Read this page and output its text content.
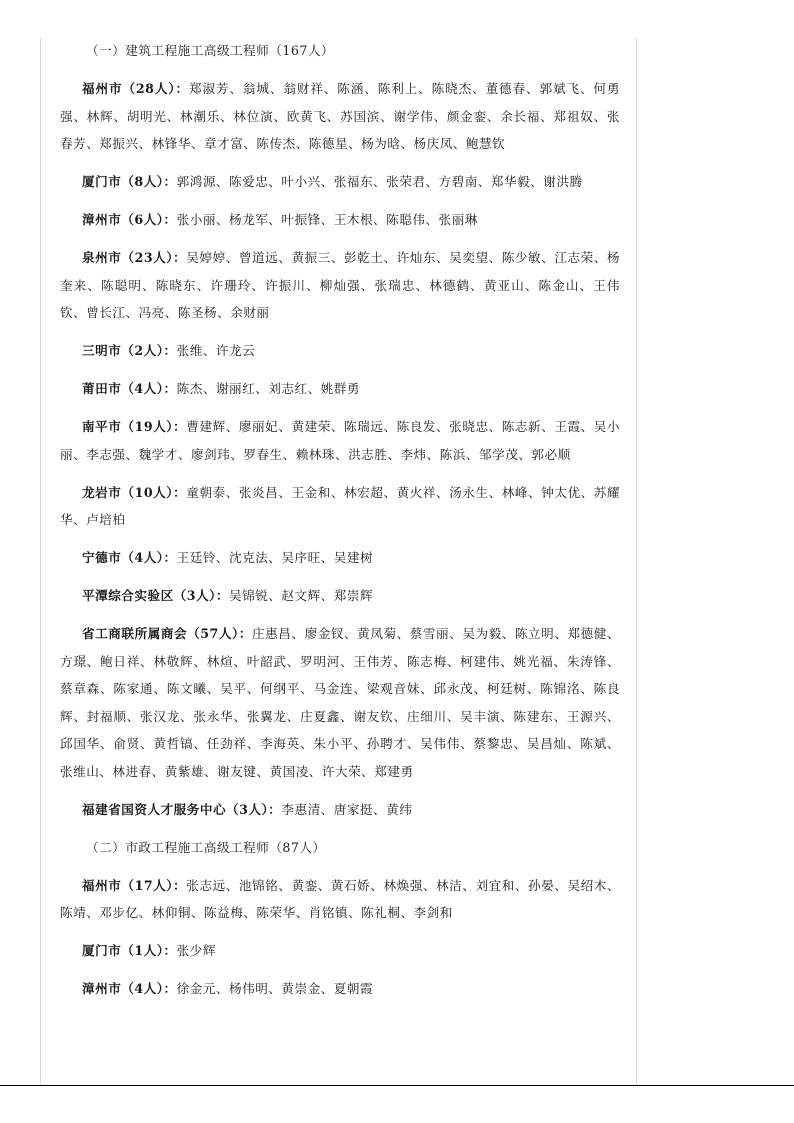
（一）建筑工程施工高级工程师（167人）
福州市（28人）：郑淑芳、翁城、翁财祥、陈涵、陈利上、陈晓杰、董德春、郭斌飞、何勇强、林辉、胡明光、林潮乐、林位演、欧黄飞、苏国滨、谢学伟、颜金銮、余长福、郑祖奴、张春芳、郑振兴、林锋华、章才富、陈传杰、陈德星、杨为晗、杨庆凤、鲍慧钦
厦门市（8人）：郭鸿源、陈爱忠、叶小兴、张福东、张荣君、方碧南、郑华毅、谢洪腾
漳州市（6人）：张小丽、杨龙军、叶振锋、王木根、陈聪伟、张丽琳
泉州市（23人）：吴婷婷、曾道远、黄振三、彭乾土、许灿东、吴奕望、陈少敏、江志荣、杨奎来、陈聪明、陈晓东、许珊玲、许振川、柳灿强、张瑞忠、林德鹤、黄亚山、陈金山、王伟钦、曾长江、冯亮、陈圣杨、余财丽
三明市（2人）：张维、许龙云
莆田市（4人）：陈杰、谢丽红、刘志红、姚群勇
南平市（19人）：曹建辉、廖丽妃、黄建荣、陈瑞远、陈良发、张晓忠、陈志新、王霞、吴小丽、李志强、魏学才、廖剑玮、罗春生、赖林珠、洪志胜、李炜、陈浜、邹学茂、郭必顺
龙岩市（10人）：童朝泰、张炎昌、王金和、林宏超、黄火祥、汤永生、林峰、钟太优、苏耀华、卢培柏
宁德市（4人）：王廷铃、沈克法、吴序旺、吴建树
平潭综合实验区（3人）：吴锦锐、赵文辉、郑崇辉
省工商联所属商会（57人）：庄惠昌、廖金钗、黄凤菊、蔡雪丽、吴为毅、陈立明、郑德健、方璟、鲍日祥、林敬辉、林煊、叶韶武、罗明河、王伟芳、陈志梅、柯建伟、姚光福、朱涛锋、蔡章森、陈家通、陈文曦、吴平、何纲平、马金连、梁观音妹、邱永茂、柯廷树、陈锦洺、陈良辉、封福顺、张汉龙、张永华、张翼龙、庄夏鑫、谢友钦、庄细川、吴丰演、陈建东、王源兴、邱国华、俞贤、黄哲镐、任劲祥、李海英、朱小平、孙聘才、吴伟伟、蔡黎忠、吴昌灿、陈斌、张维山、林进春、黄紫雄、谢友键、黄国凌、许大荣、郑建勇
福建省国资人才服务中心（3人）：李惠清、唐家挺、黄纬
（二）市政工程施工高级工程师（87人）
福州市（17人）：张志远、池锦铭、黄銮、黄石娇、林焕强、林洁、刘宜和、孙晏、吴绍木、陈靖、邓步亿、林仰铜、陈益梅、陈荣华、肖铭镇、陈礼桐、李剑和
厦门市（1人）：张少辉
漳州市（4人）：徐金元、杨伟明、黄崇金、夏朝霞
